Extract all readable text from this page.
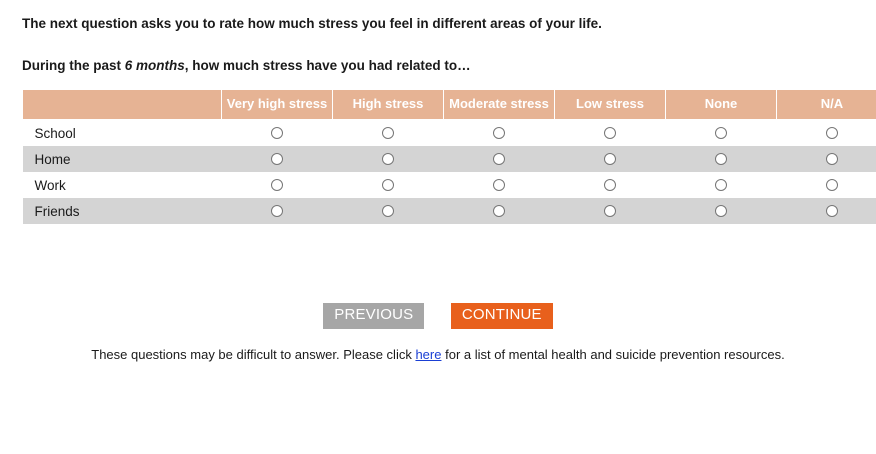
The next question asks you to rate how much stress you feel in different areas of your life.

During the past 6 months, how much stress have you had related to…

	Very high stress	High stress	Moderate stress	Low stress	None	N/A
School						
Home						
Work						
Friends						
PREVIOUS	CONTINUE
These questions may be difficult to answer. Please click here for a list of mental health and suicide prevention resources.
